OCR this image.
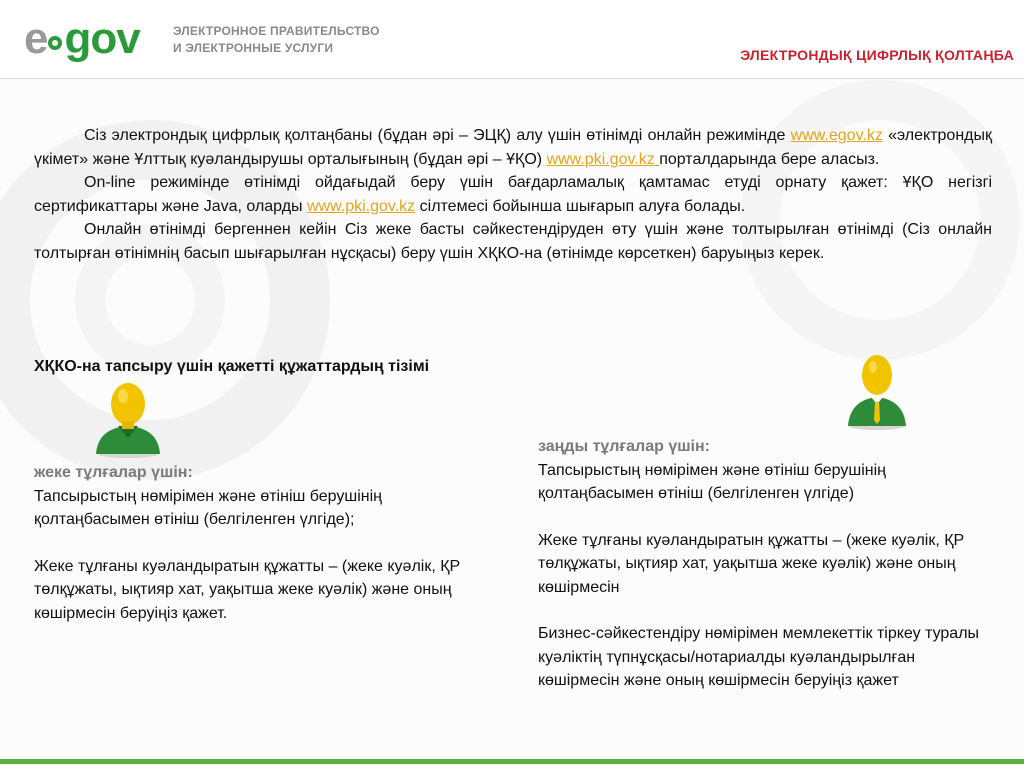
e gov	ЭЛЕКТРОННОЕ ПРАВИТЕЛЬСТВО
И ЭЛЕКТРОННЫЕ УСЛУГИ	ЭЛЕКТРОНДЫҚ ЦИФРЛЫҚ ҚОЛТАҢБА

Сіз электрондық цифрлық қолтаңбаны (бұдан әрі – ЭЦҚ) алу үшін өтінімді онлайн режимінде www.egov.kz «электрондық үкімет» және Ұлттық куәландырушы орталығының (бұдан әрі – ҰҚО) www.pki.gov.kz порталдарында бере аласыз.

On-line режимінде өтінімді ойдағыдай беру үшін бағдарламалық қамтамас етуді орнату қажет: ҰҚО негізгі сертификаттары және Java, оларды www.pki.gov.kz сілтемесі бойынша шығарып алуға болады.

Онлайн өтінімді бергеннен кейін Сіз жеке басты сәйкестендіруден өту үшін және толтырылған өтінімді (Сіз онлайн толтырған өтінімнің басып шығарылған нұсқасы) беру үшін ХҚКО-на (өтінімде көрсеткен) баруыңыз керек.

ХҚКО-на тапсыру үшін қажетті құжаттардың тізімі

жеке тұлғалар үшін:

Тапсырыстың нөмірімен және өтініш берушінің қолтаңбасымен өтініш (белгіленген үлгіде);

Жеке тұлғаны куәландыратын құжатты – (жеке куәлік, ҚР төлқұжаты, ықтияр хат, уақытша жеке куәлік) және оның көшірмесін беруіңіз қажет.

заңды тұлғалар үшін:

Тапсырыстың нөмірімен және өтініш берушінің қолтаңбасымен өтініш (белгіленген үлгіде)

Жеке тұлғаны куәландыратын құжатты – (жеке куәлік, ҚР төлқұжаты, ықтияр хат, уақытша жеке куәлік) және оның көшірмесін

Бизнес-сәйкестендіру нөмірімен мемлекеттік тіркеу туралы куәліктің түпнұсқасы/нотариалды куәландырылған көшірмесін және оның көшірмесін беруіңіз қажет
